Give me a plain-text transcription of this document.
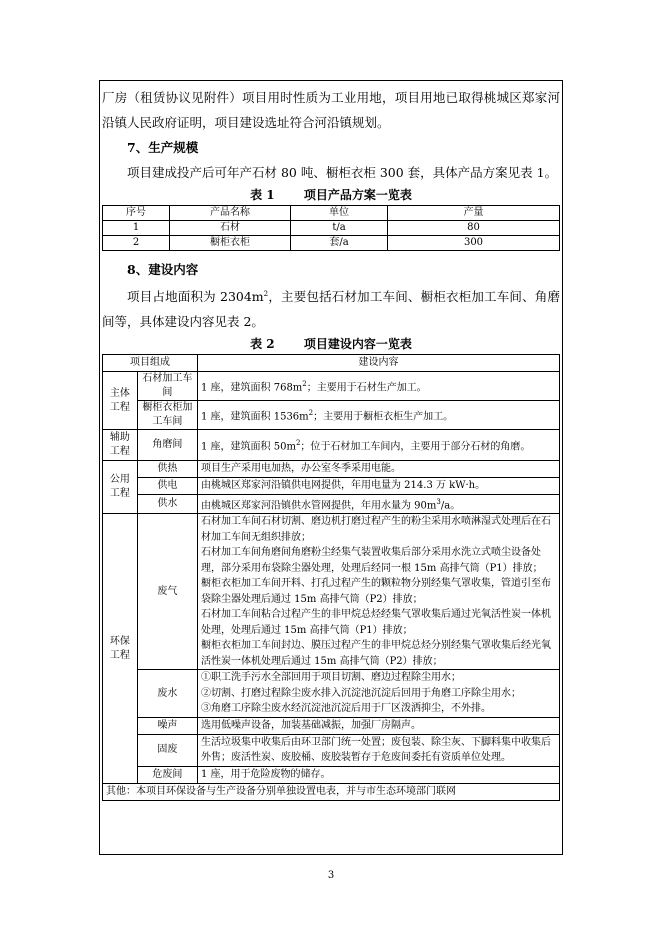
厂房（租赁协议见附件）项目用时性质为工业用地，项目用地已取得桃城区郑家河沿镇人民政府证明，项目建设选址符合河沿镇规划。

7、生产规模

项目建成投产后可年产石材 80 吨、橱柜衣柜 300 套，具体产品方案见表 1。

表 1 项目产品方案一览表

序号	产品名称	单位	产量
1	石材	t/a	80
2	橱柜衣柜	套/a	300

8、建设内容

项目占地面积为 $2304m^2$，主要包括石材加工车间、橱柜衣柜加工车间、角磨间等，具体建设内容见表 2。

表 2 项目建设内容一览表

项目组成		建设内容
主体工程	石材加工车间	1 座，建筑面积 $768m^2$；主要用于石材生产加工。
	橱柜衣柜加工车间	1 座，建筑面积 $1536m^2$；主要用于橱柜衣柜生产加工。
辅助工程	角磨间	1 座，建筑面积 $50m^2$；位于石材加工车间内，主要用于部分石材的角磨。
公用工程	供热	项目生产采用电加热，办公室冬季采用电能。
	供电	由桃城区郑家河沿镇供电网提供，年用电量为 214.3 万 kW·h。
	供水	由桃城区郑家河沿镇供水管网提供，年用水量为 $90m^3/a$。
环保工程	废气	石材加工车间石材切割、磨边机打磨过程产生的粉尘采用水喷淋湿式处理后在石材加工车间无组织排放；
石材加工车间角磨间角磨粉尘经集气装置收集后部分采用水洗立式喷尘设备处理，部分采用布袋除尘器处理，处理后经同一根 15m 高排气筒（P1）排放；
橱柜衣柜加工车间开料、打孔过程产生的颗粒物分别经集气罩收集，管道引至布袋除尘器处理后通过 15m 高排气筒（P2）排放；
石材加工车间粘合过程产生的非甲烷总烃经集气罩收集后通过光氧活性炭一体机处理，处理后通过 15m 高排气筒（P1）排放；
橱柜衣柜加工车间封边、膜压过程产生的非甲烷总烃分别经集气罩收集后经光氧活性炭一体机处理后通过 15m 高排气筒（P2）排放；

	废水	①职工洗手污水全部回用于项目切割、磨边过程除尘用水；
②切割、打磨过程除尘废水排入沉淀池沉淀后回用于角磨工序除尘用水；
③角磨工序除尘废水经沉淀池沉淀后用于厂区泼洒抑尘，不外排。

	噪声	选用低噪声设备，加装基础减振，加强厂房隔声。
	固废	生活垃圾集中收集后由环卫部门统一处置；废包装、除尘灰、下脚料集中收集后外售；废活性炭、废胶桶、废胶装暂存于危废间委托有资质单位处理。

	危废间	1 座，用于危险废物的储存。

其他：本项目环保设备与生产设备分别单独设置电表，并与市生态环境部门联网		
3
